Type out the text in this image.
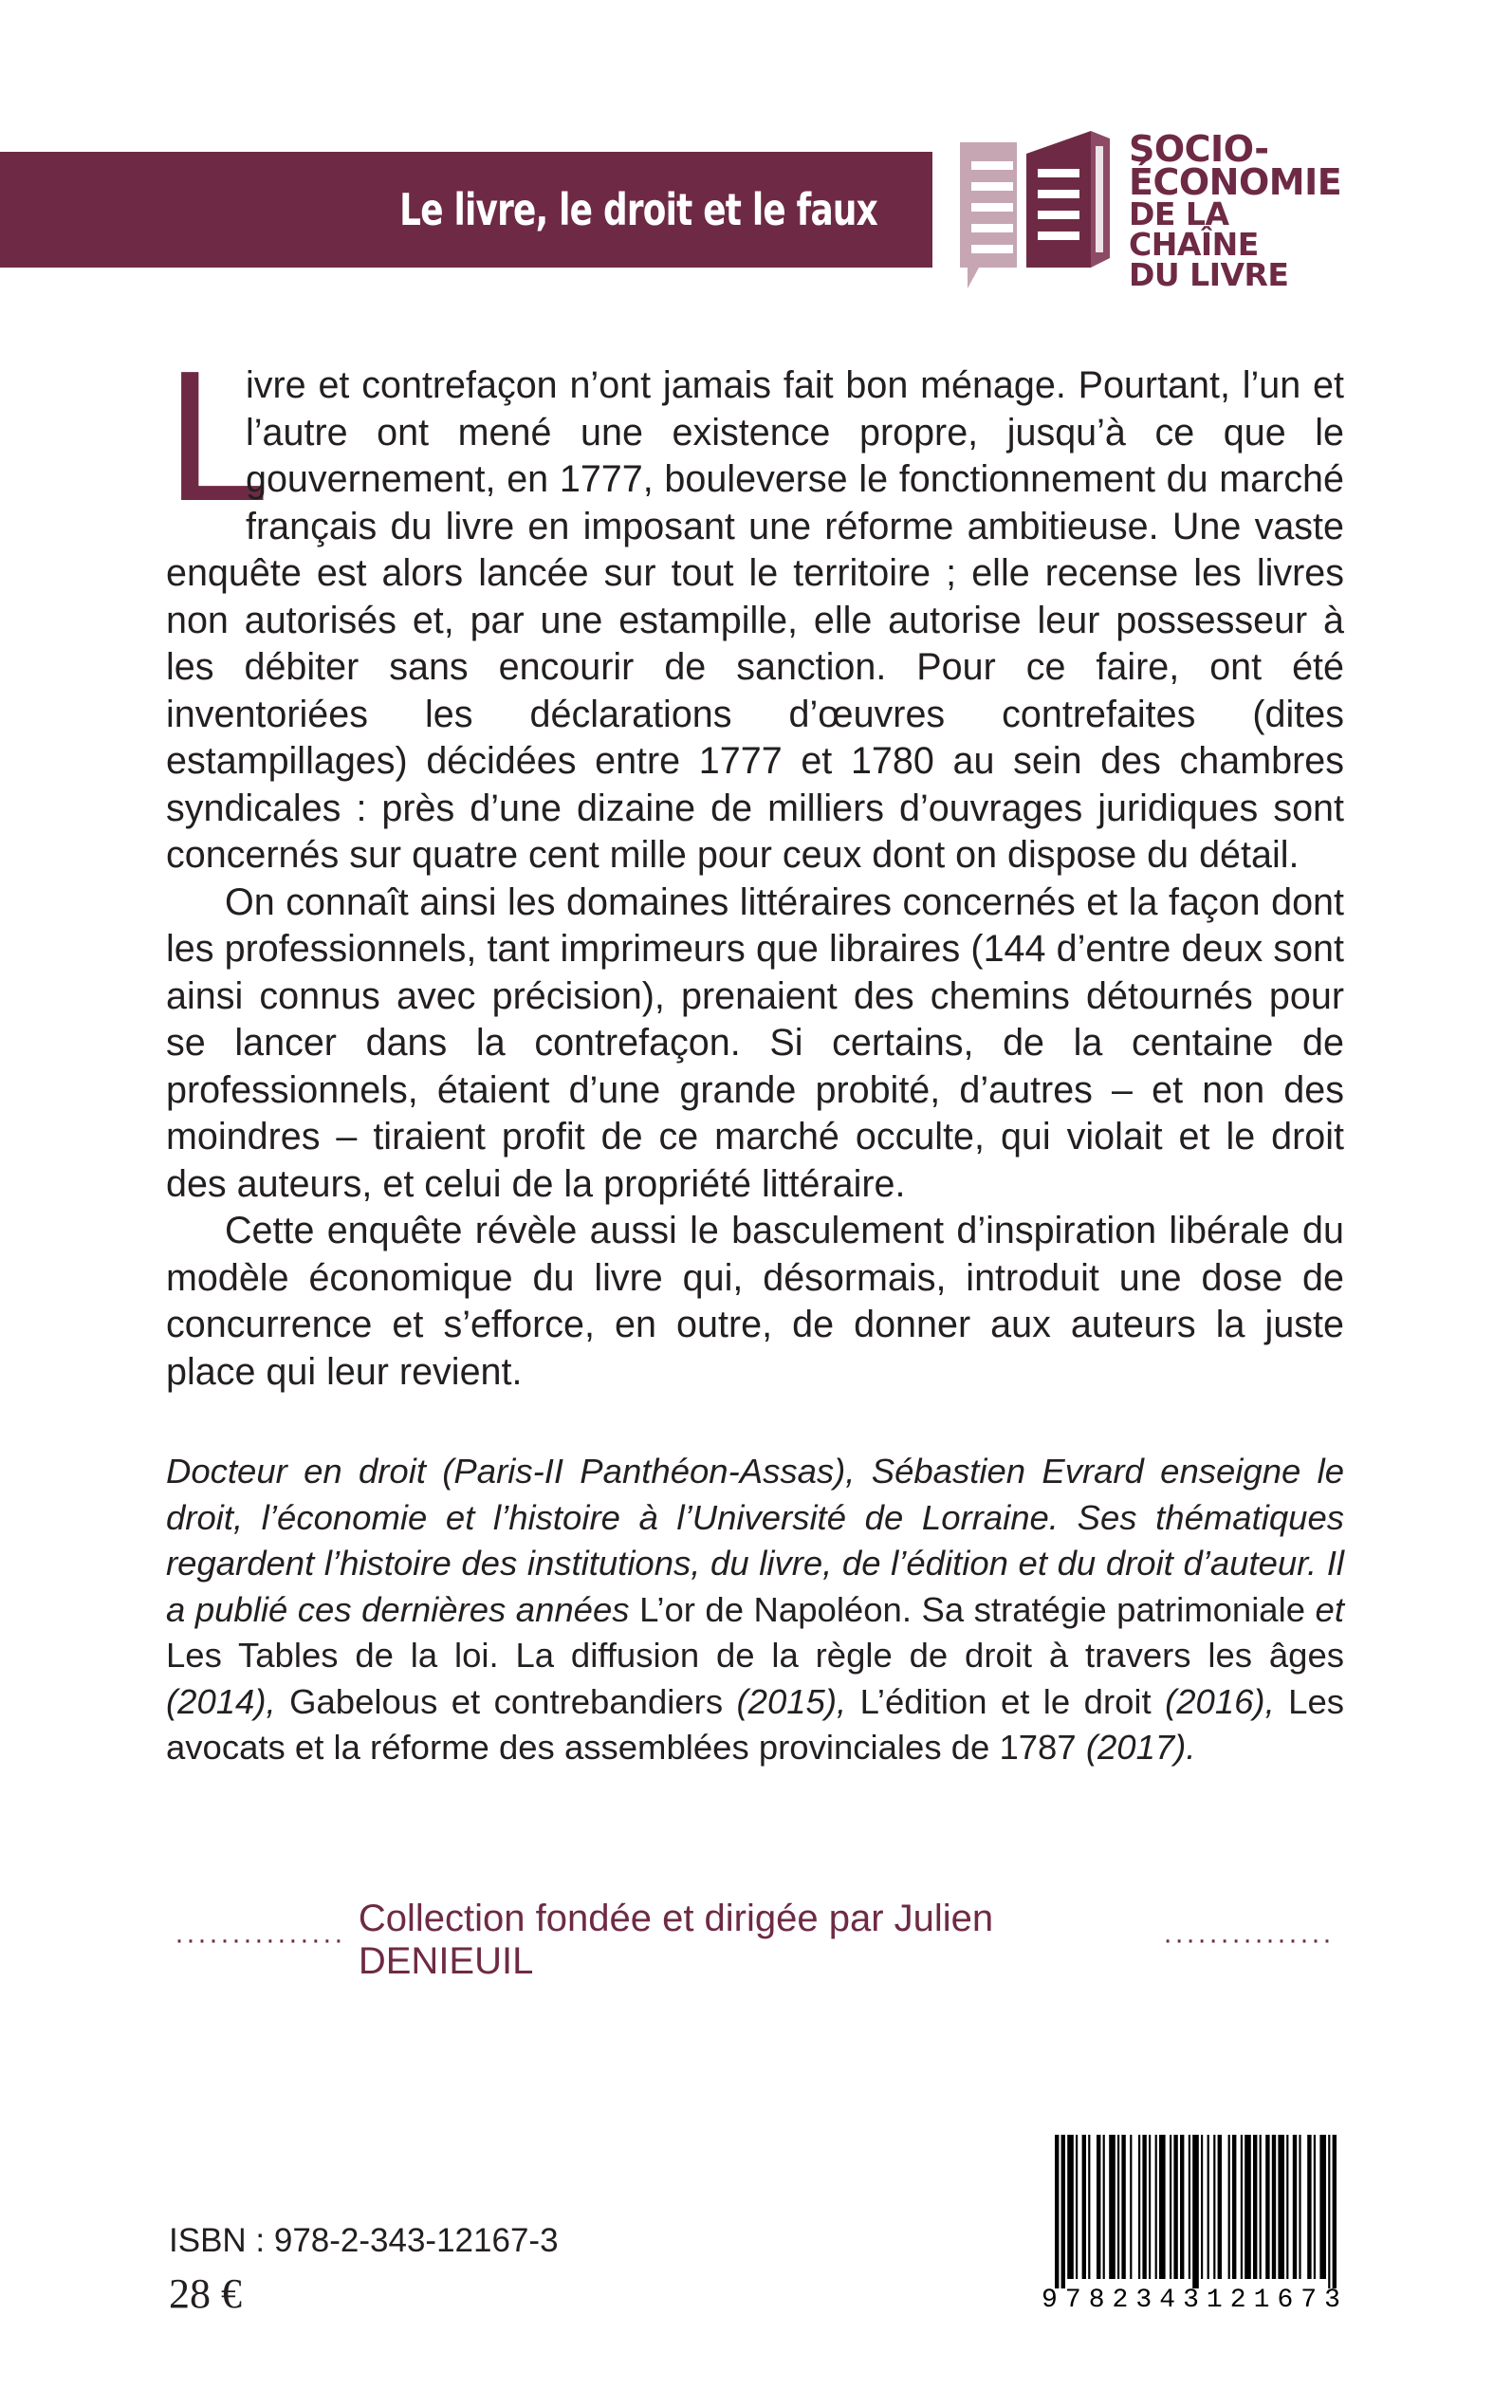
Le livre, le droit et le faux
SOCIO-
ÉCONOMIE
DE LA CHAÎNE
DU LIVRE

L
ivre et contrefaçon n’ont jamais fait bon ménage. Pourtant, l’un et l’autre ont mené une existence propre, jusqu’à ce que le gouvernement, en 1777, bouleverse le fonctionnement du marché français du livre en imposant une réforme ambitieuse. Une vaste enquête est alors lancée sur tout le territoire ; elle recense les livres non autorisés et, par une estampille, elle autorise leur possesseur à les débiter sans encourir de sanction. Pour ce faire, ont été inventoriées les déclarations d’œuvres contrefaites (dites estampillages) décidées entre 1777 et 1780 au sein des chambres syndicales : près d’une dizaine de milliers d’ouvrages juridiques sont concernés sur quatre cent mille pour ceux dont on dispose du détail.

On connaît ainsi les domaines littéraires concernés et la façon dont les professionnels, tant imprimeurs que libraires (144 d’entre deux sont ainsi connus avec précision), prenaient des chemins détournés pour se lancer dans la contrefaçon. Si certains, de la centaine de professionnels, étaient d’une grande probité, d’autres – et non des moindres – tiraient profit de ce marché occulte, qui violait et le droit des auteurs, et celui de la propriété littéraire.

Cette enquête révèle aussi le basculement d’inspiration libérale du modèle économique du livre qui, désormais, introduit une dose de concurrence et s’efforce, en outre, de donner aux auteurs la juste place qui leur revient.

Docteur en droit (Paris-II Panthéon-Assas), Sébastien Evrard enseigne le droit, l’économie et l’histoire à l’Université de Lorraine. Ses thématiques regardent l’histoire des institutions, du livre, de l’édition et du droit d’auteur. Il a publié ces dernières années L’or de Napoléon. Sa stratégie patrimoniale et Les Tables de la loi. La diffusion de la règle de droit à travers les âges (2014), Gabelous et contrebandiers (2015), L’édition et le droit (2016), Les avocats et la réforme des assemblées provinciales de 1787 (2017).
···············
Collection fondée et dirigée par Julien DENIEUIL
···············
ISBN : 978-2-343-12167-3
28 €	9 7 8 2 3 4 3 1 2 1 6 7 3
